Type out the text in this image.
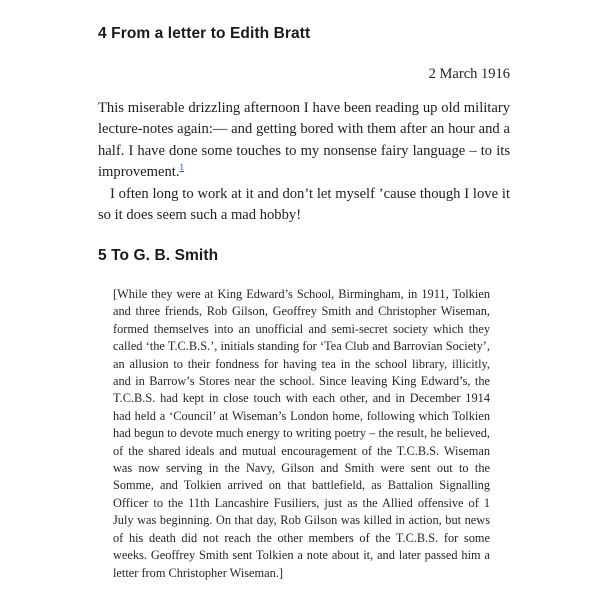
4 From a letter to Edith Bratt
2 March 1916

This miserable drizzling afternoon I have been reading up old military lecture-notes again:— and getting bored with them after an hour and a half. I have done some touches to my nonsense fairy language – to its improvement.$^1$

I often long to work at it and don’t let myself ’cause though I love it so it does seem such a mad hobby!

5 To G. B. Smith

[While they were at King Edward’s School, Birmingham, in 1911, Tolkien and three friends, Rob Gilson, Geoffrey Smith and Christopher Wiseman, formed themselves into an unofficial and semi-secret society which they called ‘the T.C.B.S.’, initials standing for ‘Tea Club and Barrovian Society’, an allusion to their fondness for having tea in the school library, illicitly, and in Barrow’s Stores near the school. Since leaving King Edward’s, the T.C.B.S. had kept in close touch with each other, and in December 1914 had held a ‘Council’ at Wiseman’s London home, following which Tolkien had begun to devote much energy to writing poetry – the result, he believed, of the shared ideals and mutual encouragement of the T.C.B.S. Wiseman was now serving in the Navy, Gilson and Smith were sent out to the Somme, and Tolkien arrived on that battlefield, as Battalion Signalling Officer to the 11th Lancashire Fusiliers, just as the Allied offensive of 1 July was beginning. On that day, Rob Gilson was killed in action, but news of his death did not reach the other members of the T.C.B.S. for some weeks. Geoffrey Smith sent Tolkien a note about it, and later passed him a letter from Christopher Wiseman.]
